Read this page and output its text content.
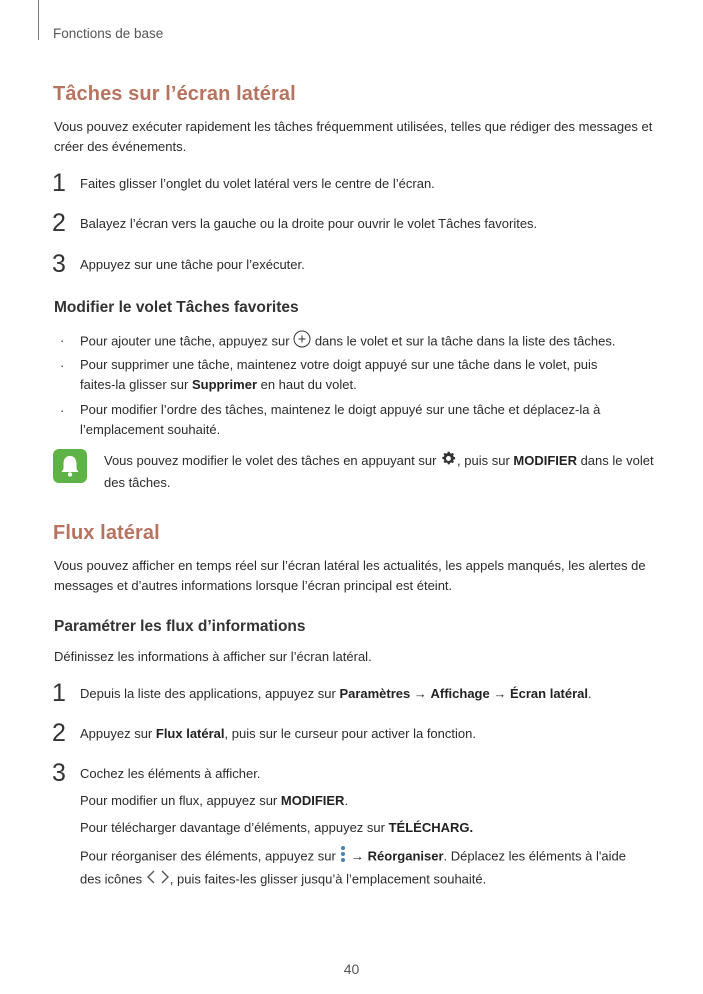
Fonctions de base
Tâches sur l’écran latéral

Vous pouvez exécuter rapidement les tâches fréquemment utilisées, telles que rédiger des messages et créer des événements.

1 Faites glisser l’onglet du volet latéral vers le centre de l’écran.

2 Balayez l’écran vers la gauche ou la droite pour ouvrir le volet Tâches favorites.

3 Appuyez sur une tâche pour l’exécuter.

Modifier le volet Tâches favorites
· Pour ajouter une tâche, appuyez sur  dans le volet et sur la tâche dans la liste des tâches.

· Pour supprimer une tâche, maintenez votre doigt appuyé sur une tâche dans le volet, puis faites-la glisser sur Supprimer en haut du volet.

· Pour modifier l’ordre des tâches, maintenez le doigt appuyé sur une tâche et déplacez-la à l’emplacement souhaité.

Vous pouvez modifier le volet des tâches en appuyant sur , puis sur MODIFIER dans le volet des tâches.

Flux latéral

Vous pouvez afficher en temps réel sur l’écran latéral les actualités, les appels manqués, les alertes de messages et d’autres informations lorsque l’écran principal est éteint.

Paramétrer les flux d’informations

Définissez les informations à afficher sur l’écran latéral.

1 Depuis la liste des applications, appuyez sur Paramètres → Affichage → Écran latéral.

2 Appuyez sur Flux latéral, puis sur le curseur pour activer la fonction.

3 Cochez les éléments à afficher.

Pour modifier un flux, appuyez sur MODIFIER.

Pour télécharger davantage d’éléments, appuyez sur TÉLÉCHARG.

Pour réorganiser des éléments, appuyez sur  → Réorganiser. Déplacez les éléments à l'aide des icônes , puis faites-les glisser jusqu’à l’emplacement souhaité.

40
